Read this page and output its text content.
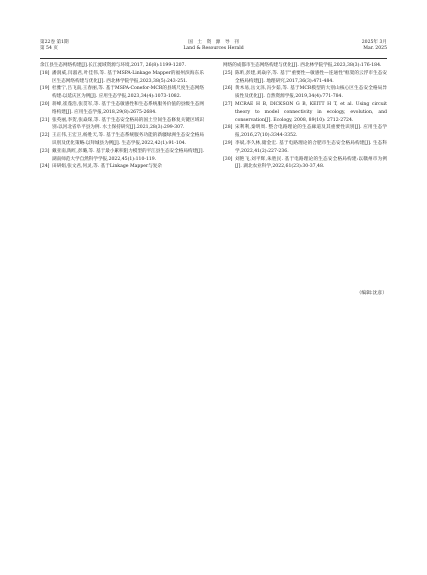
第22卷 第1期
第 54 页
国　土　资　源　导　刊
Land & Resources Herald
2025年 3月
Mar. 2025

余江县生态网络构建[J].长江流域资源与环境,2017, 26(8):1199-1207.

[18] 潘润威,闫淑君,叶佳伟,等. 基于MSPA-Linkage Mapper的福州滨海东乐区生态网络构建与优化[J]. 西北林学院学报,2023,38(5):243-251.
[19] 杜雅宁,吕飞南,王春丽,等. 基于MSPA-Conefor-MCR的县域尺度生态网络构建:以延庆区为例[J]. 应用生态学报,2023,34(4):1073-1082.
[20] 蒋峰,崔蓬浩,张贯军,等. 基于生态敏感性和生态系统服务价值的县级生态网络构建[J]. 应用生态学报,2018,29(8):2675-2684.
[21] 张英丽,李贺,张焱琛,等. 基于生态安全格局的国土空间生态修复关键区域识别:以河北省阜平县为例. 水土保持研究[J].2021,28(3):299-307.
[22] 王正伟,王宏卫,杨胜天,等. 基于生态系统服务功能的新疆绿洲生态安全格局识别及优化策略:以拜城县为例[J]. 生态学报,2022,42(1):91-104.
[23] 戴亚南,陶红,彭璐,等. 基于最小累积阻力模型的平江县生态安全格局构建[J]. 湖南师范大学自然科学学报,2022,45(1):110-119.
[24] 田研娟,张文君,何灵,等. 基于Linkage Mapper与复杂

网络的成都市生态网络构建与优化[J]. 西北林学院学报,2023,38(3):176-184.

[25] 陈昕,彭建,刘焱序,等. 基于"重要性—敏感性—连通性"框架的云浮市生态安全格局构建[J]. 地理研究,2017,36(3):471-484.
[26] 黄木易,岳文泽,冯少茹,等. 基于MCR模型的大别山核心区生态安全格局异质性及优化[J]. 自然资源学报,2019,34(4):771-784.
[27] MCRAE H B, DICKSON G B, KEITT H T, et al. Using circuit theory to model connectivity in ecology, evolution, and conservation[J]. Ecology, 2008, 89(10): 2712-2724.
[28] 宋利利,秦明周. 整合电路理论的生态廊道及其重要性识别[J]. 应用生态学报,2016,27(10):3344-3352.
[29] 李斌,李久林,储金宏. 基于电路理论的合肥市生态安全格局构建[J]. 生态科学,2022,41(2):227-236.
[30] 刘艳飞,刘平辉,朱胜民. 基于电路理论的生态安全格局构建:以赣州市为例[J]. 湖北农业科学,2022,61(23):30-37,48.
（编辑:沈彦）
